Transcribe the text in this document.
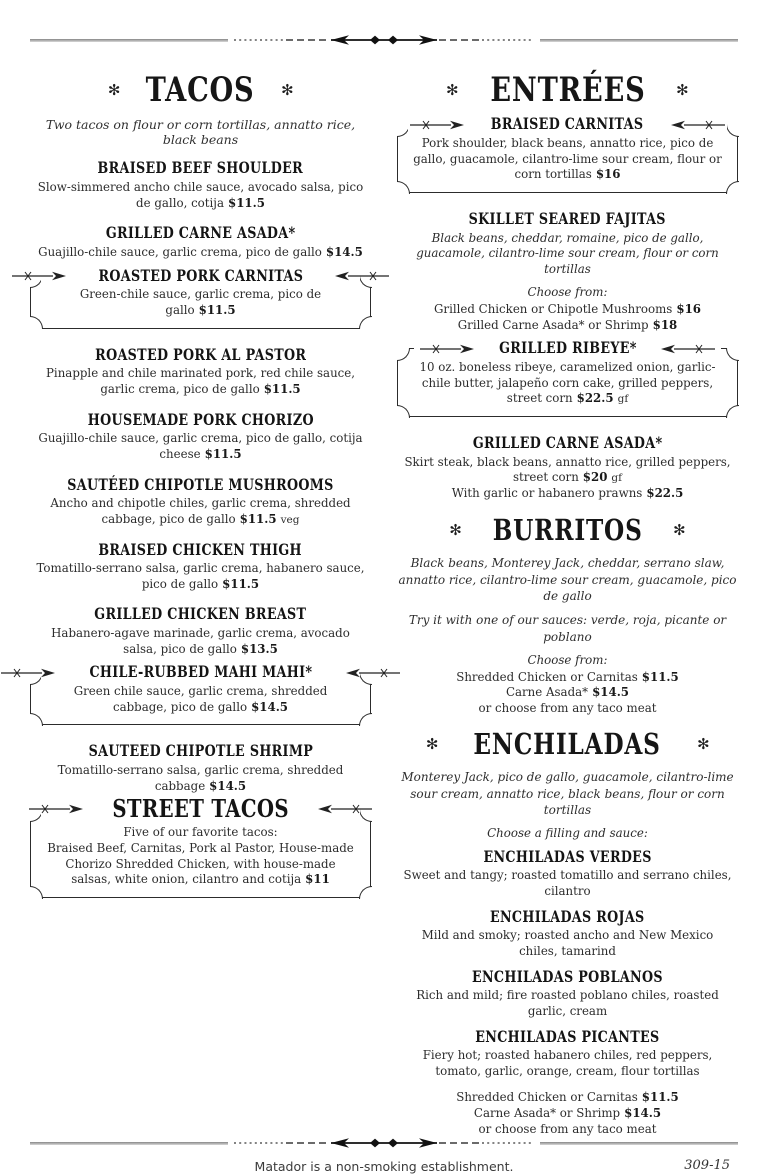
✻ TACOS ✻
Two tacos on flour or corn tortillas, annatto rice, black beans
BRAISED BEEF SHOULDER
Slow-simmered ancho chile sauce, avocado salsa, pico de gallo, cotija $11.5
GRILLED CARNE ASADA*
Guajillo-chile sauce, garlic crema, pico de gallo $14.5
ROASTED PORK CARNITAS
Green-chile sauce, garlic crema, pico de gallo $11.5
ROASTED PORK AL PASTOR
Pinapple and chile marinated pork, red chile sauce, garlic crema, pico de gallo $11.5
HOUSEMADE PORK CHORIZO
Guajillo-chile sauce, garlic crema, pico de gallo, cotija cheese $11.5
SAUTÉED CHIPOTLE MUSHROOMS
Ancho and chipotle chiles, garlic crema, shredded cabbage, pico de gallo $11.5 veg
BRAISED CHICKEN THIGH
Tomatillo-serrano salsa, garlic crema, habanero sauce, pico de gallo $11.5
GRILLED CHICKEN BREAST
Habanero-agave marinade, garlic crema, avocado salsa, pico de gallo $13.5
CHILE-RUBBED MAHI MAHI*
Green chile sauce, garlic crema, shredded cabbage, pico de gallo $14.5
SAUTEED CHIPOTLE SHRIMP
Tomatillo-serrano salsa, garlic crema, shredded cabbage $14.5
STREET TACOS
Five of our favorite tacos:
Braised Beef, Carnitas, Pork al Pastor, House-made Chorizo Shredded Chicken, with house-made salsas, white onion, cilantro and cotija $11
✻ ENTRÉES ✻
BRAISED CARNITAS
Pork shoulder, black beans, annatto rice, pico de gallo, guacamole, cilantro-lime sour cream, flour or corn tortillas $16
SKILLET SEARED FAJITAS
Black beans, cheddar, romaine, pico de gallo, guacamole, cilantro-lime sour cream, flour or corn tortillas
Choose from:
Grilled Chicken or Chipotle Mushrooms $16
Grilled Carne Asada* or Shrimp $18
GRILLED RIBEYE*
10 oz. boneless ribeye, caramelized onion, garlic-chile butter, jalapeño corn cake, grilled peppers, street corn $22.5 gf
GRILLED CARNE ASADA*
Skirt steak, black beans, annatto rice, grilled peppers, street corn $20 gf
With garlic or habanero prawns $22.5
✻ BURRITOS ✻
Black beans, Monterey Jack, cheddar, serrano slaw, annatto rice, cilantro-lime sour cream, guacamole, pico de gallo
Try it with one of our sauces: verde, roja, picante or poblano
Choose from:
Shredded Chicken or Carnitas $11.5
Carne Asada* $14.5
or choose from any taco meat
✻ ENCHILADAS ✻
Monterey Jack, pico de gallo, guacamole, cilantro-lime sour cream, annatto rice, black beans, flour or corn tortillas
Choose a filling and sauce:
ENCHILADAS VERDES
Sweet and tangy; roasted tomatillo and serrano chiles, cilantro
ENCHILADAS ROJAS
Mild and smoky; roasted ancho and New Mexico chiles, tamarind
ENCHILADAS POBLANOS
Rich and mild; fire roasted poblano chiles, roasted garlic, cream
ENCHILADAS PICANTES
Fiery hot; roasted habanero chiles, red peppers, tomato, garlic, orange, cream, flour tortillas
Shredded Chicken or Carnitas $11.5
Carne Asada* or Shrimp $14.5
or choose from any taco meat
Matador is a non-smoking establishment.	309-15
